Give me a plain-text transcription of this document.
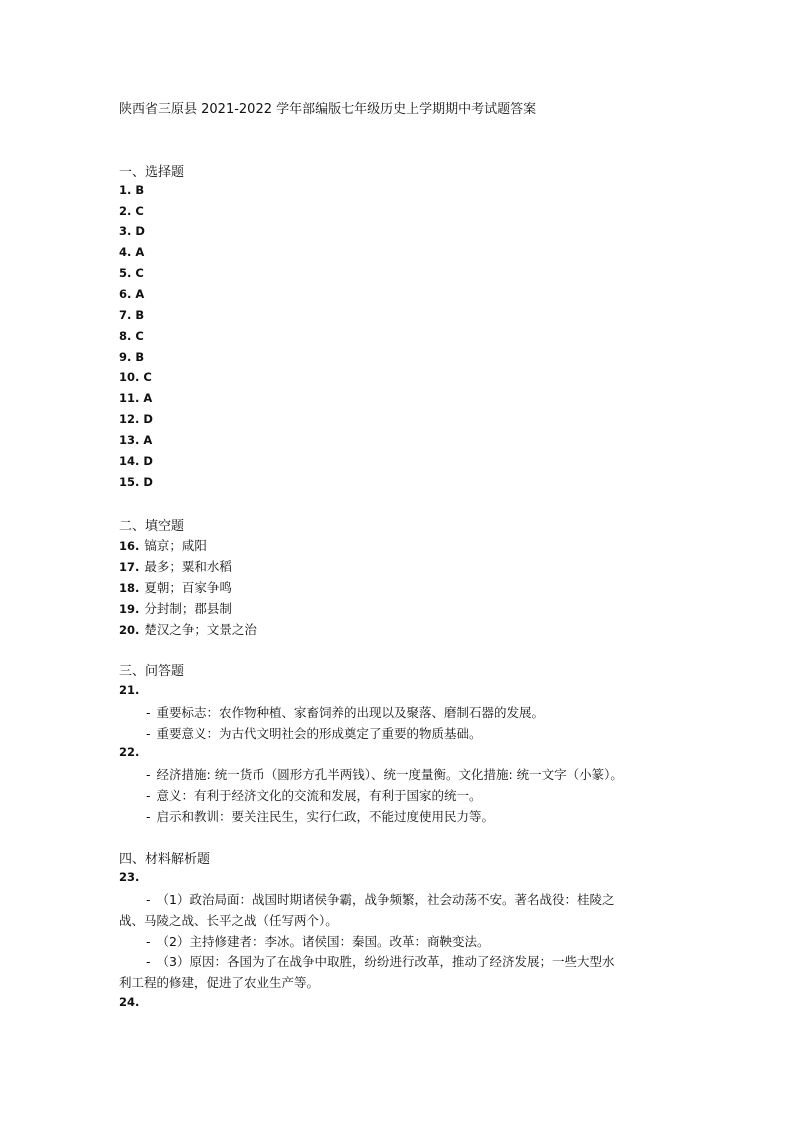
陕西省三原县 2021-2022 学年部编版七年级历史上学期期中考试题答案
一、选择题
1. B
2. C
3. D
4. A
5. C
6. A
7. B
8. C
9. B
10. C
11. A
12. D
13. A
14. D
15. D
二、填空题
16. 镐京；咸阳
17. 最多；粟和水稻
18. 夏朝；百家争鸣
19. 分封制；郡县制
20. 楚汉之争；文景之治
三、问答题
21.
- 重要标志：农作物种植、家畜饲养的出现以及聚落、磨制石器的发展。
- 重要意义：为古代文明社会的形成奠定了重要的物质基础。
22.
- 经济措施: 统一货币（圆形方孔半两钱）、统一度量衡。文化措施: 统一文字（小篆）。
- 意义：有利于经济文化的交流和发展，有利于国家的统一。
- 启示和教训：要关注民生，实行仁政，不能过度使用民力等。
四、材料解析题
23.
- （1）政治局面：战国时期诸侯争霸，战争频繁，社会动荡不安。著名战役：桂陵之
战、马陵之战、长平之战（任写两个）。
- （2）主持修建者：李冰。诸侯国：秦国。改革：商鞅变法。
- （3）原因：各国为了在战争中取胜，纷纷进行改革，推动了经济发展；一些大型水
利工程的修建，促进了农业生产等。
24.
